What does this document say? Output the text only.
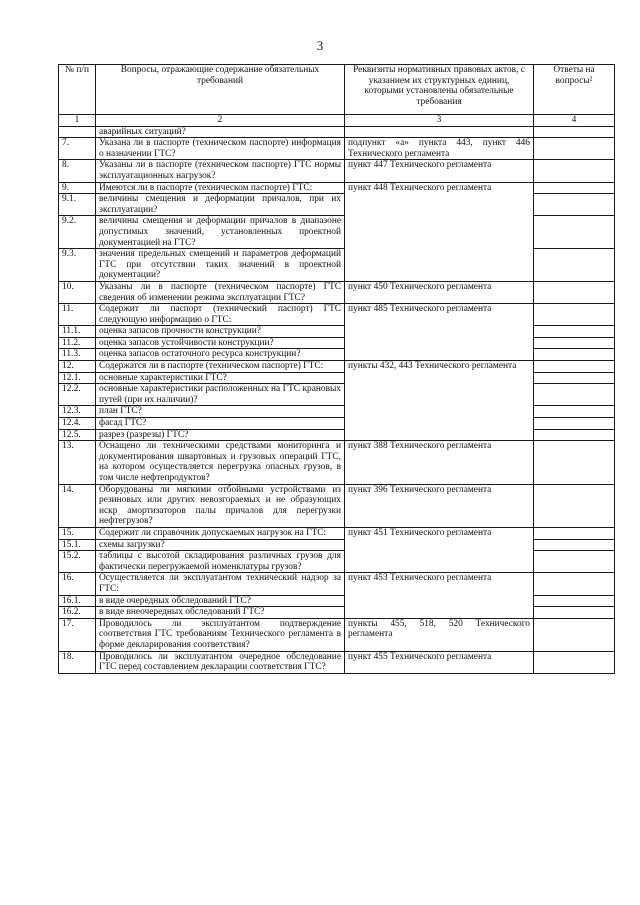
3
№ п/п	Вопросы, отражающие содержание обязательных требований	Реквизиты нормативных правовых актов, с указанием их структурных единиц, которыми установлены обязательные требования	Ответы на вопросы²
1	2	3	4
	аварийных ситуаций?		
7.	Указана ли в паспорте (техническом паспорте) информация о назначении ГТС?	подпункт «а» пункта 443, пункт 446 Технического регламента	
8.	Указаны ли в паспорте (техническом паспорте) ГТС нормы эксплуатационных нагрузок?	пункт 447 Технического регламента	
9.	Имеются ли в паспорте (техническом паспорте) ГТС:	пункт 448 Технического регламента	
9.1.	величины смещения и деформации причалов, при их эксплуатации?		
9.2.	величины смещения и деформации причалов в диапазоне допустимых значений, установленных проектной документацией на ГТС?		
9.3.	значения предельных смещений и параметров деформаций ГТС при отсутствии таких значений в проектной документации?		
10.	Указаны ли в паспорте (техническом паспорте) ГТС сведения об изменении режима эксплуатации ГТС?	пункт 450 Технического регламента	
11.	Содержит ли паспорт (технический паспорт) ГТС следующую информацию о ГТС:	пункт 485 Технического регламента	
11.1.	оценка запасов прочности конструкции?		
11.2.	оценка запасов устойчивости конструкции?		
11.3.	оценка запасов остаточного ресурса конструкции?		
12.	Содержатся ли в паспорте (техническом паспорте) ГТС:	пункты 432, 443 Технического регламента	
12.1.	основные характеристики ГТС?		
12.2.	основные характеристики расположенных на ГТС крановых путей (при их наличии)?		
12.3.	план ГТС?		
12.4.	фасад ГТС?		
12.5.	разрез (разрезы) ГТС?		
13.	Оснащено ли техническими средствами мониторинга и документирования швартовных и грузовых операций ГТС, на котором осуществляется перегрузка опасных грузов, в том числе нефтепродуктов?	пункт 388 Технического регламента	
14.	Оборудованы ли мягкими отбойными устройствами из резиновых или других невозгораемых и не образующих искр амортизаторов палы причалов для перегрузки нефтегрузов?	пункт 396 Технического регламента	
15.	Содержит ли справочник допускаемых нагрузок на ГТС:	пункт 451 Технического регламента	
15.1.	схемы загрузки?		
15.2.	таблицы с высотой складирования различных грузов для фактически перегружаемой номенклатуры грузов?		
16.	Осуществляется ли эксплуатантом технический надзор за ГТС:	пункт 453 Технического регламента	
16.1.	в виде очередных обследований ГТС?		
16.2.	в виде внеочередных обследований ГТС?		
17.	Проводилось ли эксплуатантом подтверждение соответствия ГТС требованиям Технического регламента в форме декларирования соответствия?	пункты 455, 518, 520 Технического регламента	
18.	Проводилось ли эксплуатантом очередное обследование ГТС перед составлением декларации соответствия ГТС?	пункт 455 Технического регламента	
